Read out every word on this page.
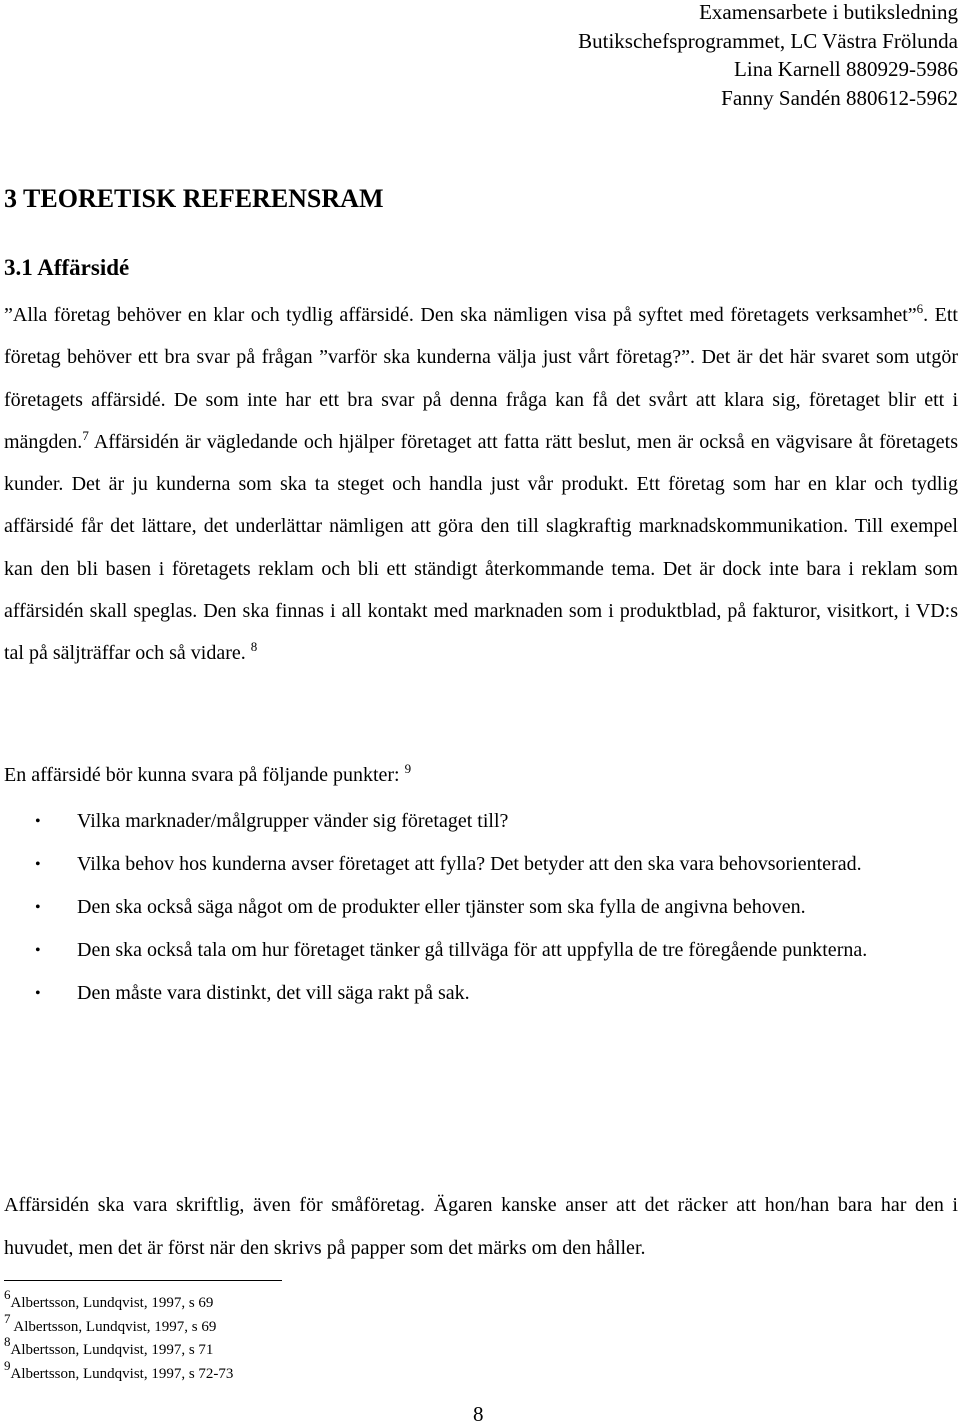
Examensarbete i butiksledning
Butikschefsprogrammet, LC Västra Frölunda
Lina Karnell 880929-5986
Fanny Sandén 880612-5962
3 TEORETISK REFERENSRAM
3.1 Affärsidé

”Alla företag behöver en klar och tydlig affärsidé. Den ska nämligen visa på syftet med företagets verksamhet”$^6$. Ett företag behöver ett bra svar på frågan ”varför ska kunderna välja just vårt företag?”. Det är det här svaret som utgör företagets affärsidé. De som inte har ett bra svar på denna fråga kan få det svårt att klara sig, företaget blir ett i mängden.$^7$ Affärsidén är vägledande och hjälper företaget att fatta rätt beslut, men är också en vägvisare åt företagets kunder. Det är ju kunderna som ska ta steget och handla just vår produkt. Ett företag som har en klar och tydlig affärsidé får det lättare, det underlättar nämligen att göra den till slagkraftig marknadskommunikation. Till exempel kan den bli basen i företagets reklam och bli ett ständigt återkommande tema. Det är dock inte bara i reklam som affärsidén skall speglas. Den ska finnas i all kontakt med marknaden som i produktblad, på fakturor, visitkort, i VD:s tal på säljträffar och så vidare. $^8$

En affärsidé bör kunna svara på följande punkter: $^9$

• Vilka marknader/målgrupper vänder sig företaget till?
• Vilka behov hos kunderna avser företaget att fylla? Det betyder att den ska vara behovsorienterad.
• Den ska också säga något om de produkter eller tjänster som ska fylla de angivna behoven.
• Den ska också tala om hur företaget tänker gå tillväga för att uppfylla de tre föregående punkterna.
• Den måste vara distinkt, det vill säga rakt på sak.

Affärsidén ska vara skriftlig, även för småföretag. Ägaren kanske anser att det räcker att hon/han bara har den i huvudet, men det är först när den skrivs på papper som det märks om den håller.

$^6$Albertsson, Lundqvist, 1997, s 69
$^7$ Albertsson, Lundqvist, 1997, s 69
$^8$Albertsson, Lundqvist, 1997, s 71
$^9$Albertsson, Lundqvist, 1997, s 72-73
8
